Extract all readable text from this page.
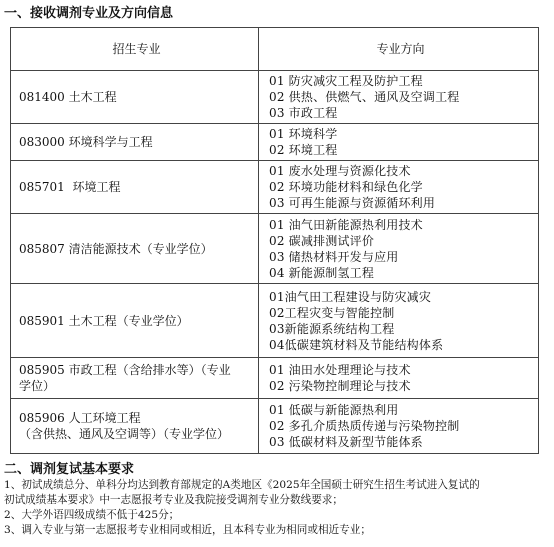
一、接收调剂专业及方向信息
招生专业	专业方向

081400 土木工程	01 防灾减灾工程及防护工程
02 供热、供燃气、通风及空调工程
03 市政工程

083000 环境科学与工程	01 环境科学
02 环境工程

085701  环境工程	01 废水处理与资源化技术
02 环境功能材料和绿色化学
03 可再生能源与资源循环利用

085807 清洁能源技术（专业学位）	01 油气田新能源热利用技术
02 碳减排测试评价
03 储热材料开发与应用
04 新能源制氢工程

085901 土木工程（专业学位）	01油气田工程建设与防灾减灾
02工程灾变与智能控制
03新能源系统结构工程
04低碳建筑材料及节能结构体系

085905 市政工程（含给排水等）（专业
学位）	01 油田水处理理论与技术
02 污染物控制理论与技术

085906 人工环境工程
（含供热、通风及空调等）（专业学位）	01 低碳与新能源热利用
02 多孔介质热质传递与污染物控制
03 低碳材料及新型节能体系
二、调剂复试基本要求
1、初试成绩总分、单科分均达到教育部规定的A类地区《2025年全国硕士研究生招生考试进入复试的
初试成绩基本要求》中一志愿报考专业及我院接受调剂专业分数线要求；
2、大学外语四级成绩不低于425分；
3、调入专业与第一志愿报考专业相同或相近，且本科专业为相同或相近专业；
